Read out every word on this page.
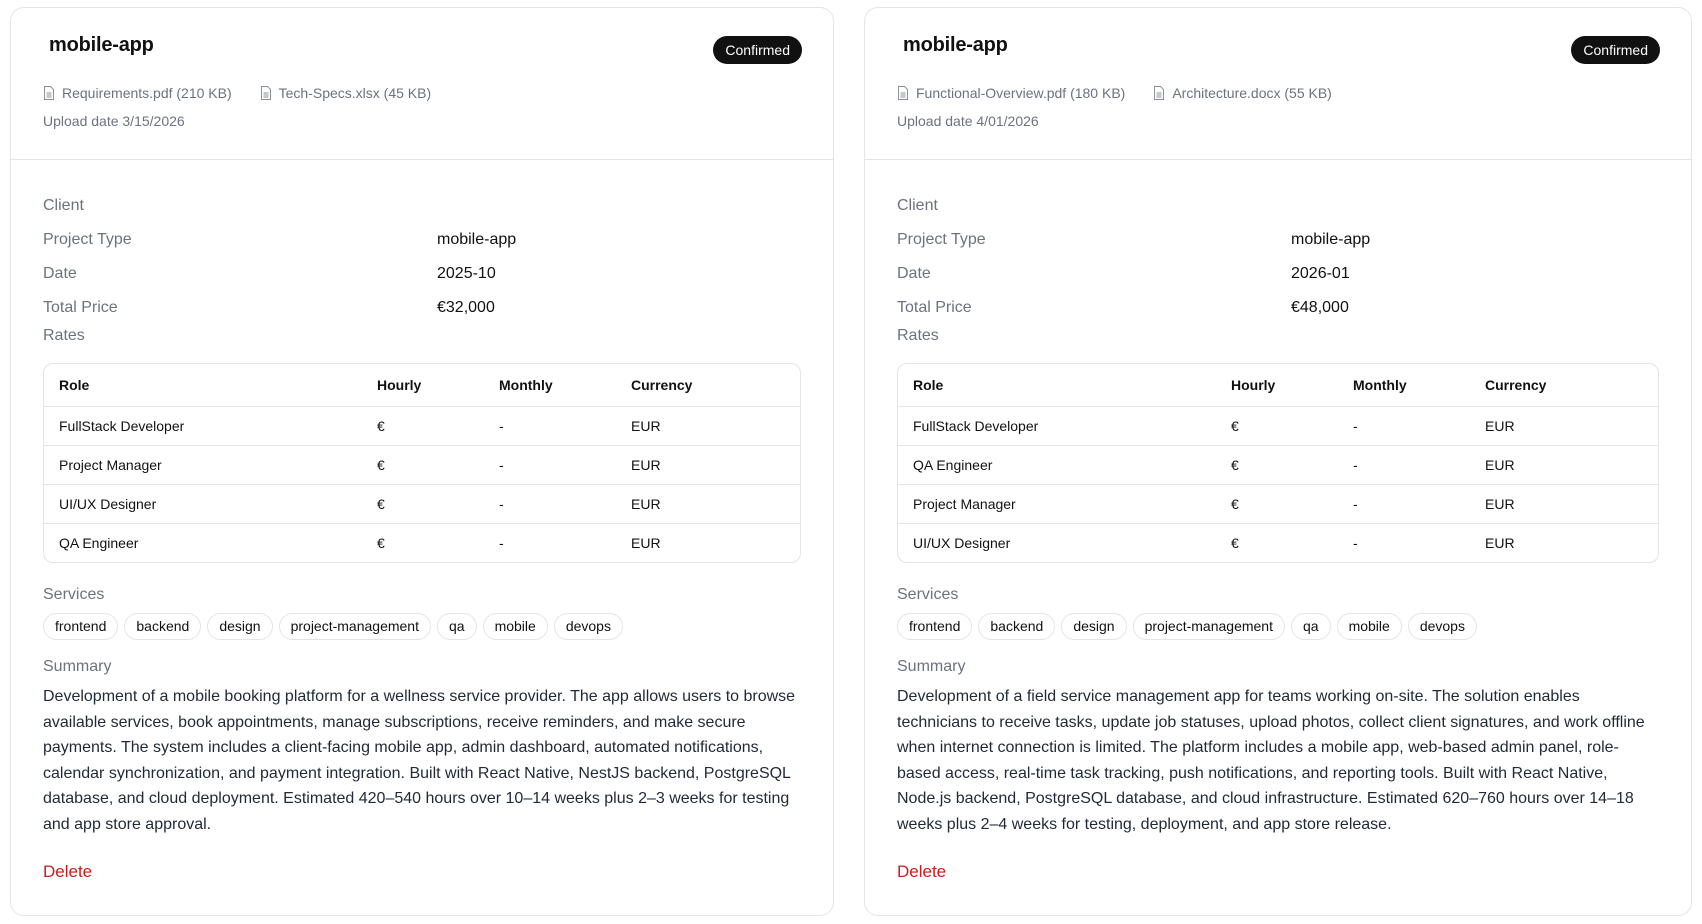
mobile-app	Confirmed
Requirements.pdf (210 KB)	Tech-Specs.xlsx (45 KB)
Upload date 3/15/2026
Client
Project Type	mobile-app
Date	2025-10
Total Price	€32,000
Rates
Role	Hourly	Monthly	Currency
FullStack Developer	€	-	EUR
Project Manager	€	-	EUR
UI/UX Designer	€	-	EUR
QA Engineer	€	-	EUR
Services
frontend	backend	design	project-management	qa	mobile	devops
Summary
Development of a mobile booking platform for a wellness service provider. The app allows users to browse available services, book appointments, manage subscriptions, receive reminders, and make secure payments. The system includes a client-facing mobile app, admin dashboard, automated notifications, calendar synchronization, and payment integration. Built with React Native, NestJS backend, PostgreSQL database, and cloud deployment. Estimated 420–540 hours over 10–14 weeks plus 2–3 weeks for testing and app store approval.
Delete
mobile-app	Confirmed
Functional-Overview.pdf (180 KB)	Architecture.docx (55 KB)
Upload date 4/01/2026
Client
Project Type	mobile-app
Date	2026-01
Total Price	€48,000
Rates
Role	Hourly	Monthly	Currency
FullStack Developer	€	-	EUR
QA Engineer	€	-	EUR
Project Manager	€	-	EUR
UI/UX Designer	€	-	EUR
Services
frontend	backend	design	project-management	qa	mobile	devops
Summary
Development of a field service management app for teams working on-site. The solution enables technicians to receive tasks, update job statuses, upload photos, collect client signatures, and work offline when internet connection is limited. The platform includes a mobile app, web-based admin panel, role-based access, real-time task tracking, push notifications, and reporting tools. Built with React Native, Node.js backend, PostgreSQL database, and cloud infrastructure. Estimated 620–760 hours over 14–18 weeks plus 2–4 weeks for testing, deployment, and app store release.
Delete
